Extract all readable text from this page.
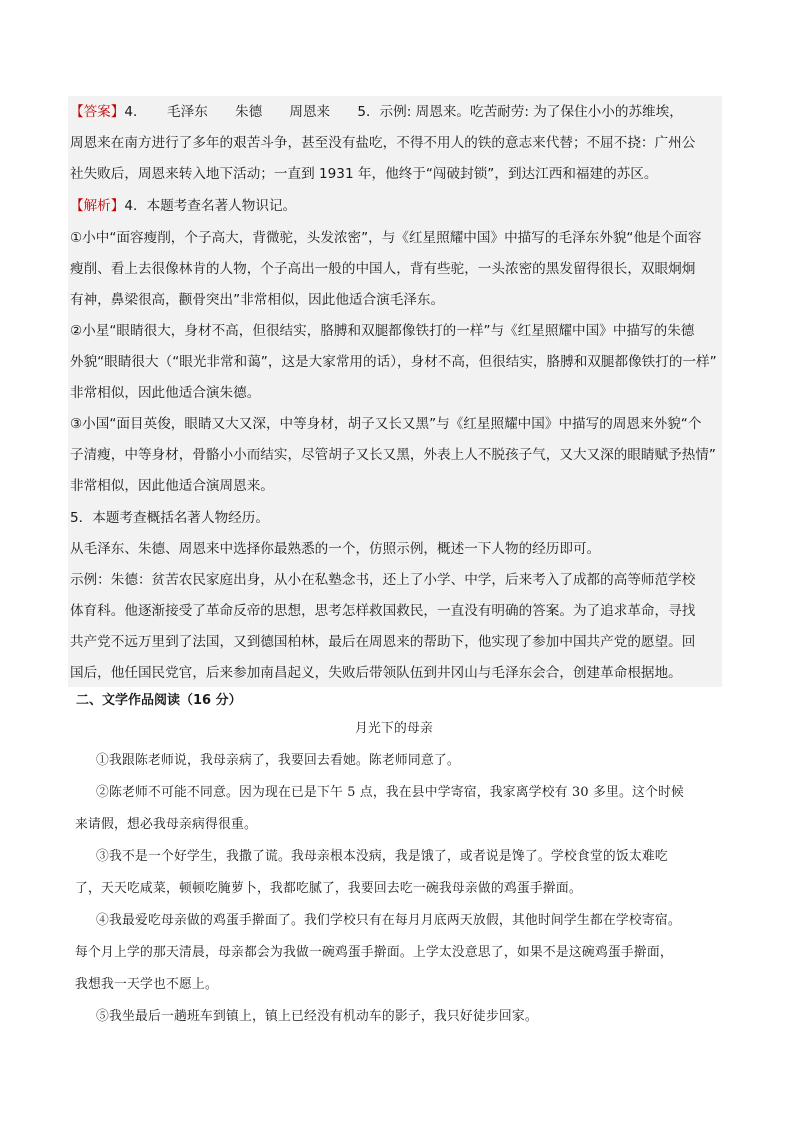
【答案】4．　　毛泽东　　朱德　　周恩来　　5．示例: 周恩来。吃苦耐劳: 为了保住小小的苏维埃，
周恩来在南方进行了多年的艰苦斗争，甚至没有盐吃，不得不用人的铁的意志来代替；不屈不挠：广州公
社失败后，周恩来转入地下活动；一直到 1931 年，他终于“闯破封锁”，到达江西和福建的苏区。
【解析】4．本题考查名著人物识记。
①小中“面容瘦削，个子高大，背微驼，头发浓密”，与《红星照耀中国》中描写的毛泽东外貌“他是个面容
瘦削、看上去很像林肯的人物，个子高出一般的中国人，背有些驼，一头浓密的黑发留得很长，双眼炯炯
有神，鼻梁很高，颧骨突出”非常相似，因此他适合演毛泽东。
②小星“眼睛很大，身材不高，但很结实，胳膊和双腿都像铁打的一样”与《红星照耀中国》中描写的朱德
外貌“眼睛很大（“眼光非常和蔼”，这是大家常用的话），身材不高，但很结实，胳膊和双腿都像铁打的一样”
非常相似，因此他适合演朱德。
③小国“面目英俊，眼睛又大又深，中等身材，胡子又长又黑”与《红星照耀中国》中描写的周恩来外貌“个
子清瘦，中等身材，骨骼小小而结实，尽管胡子又长又黑，外表上人不脱孩子气，又大又深的眼睛赋予热情”
非常相似，因此他适合演周恩来。
5．本题考查概括名著人物经历。
从毛泽东、朱德、周恩来中选择你最熟悉的一个，仿照示例，概述一下人物的经历即可。
示例：朱德：贫苦农民家庭出身，从小在私塾念书，还上了小学、中学，后来考入了成都的高等师范学校
体育科。他逐渐接受了革命反帝的思想，思考怎样救国救民，一直没有明确的答案。为了追求革命，寻找
共产党不远万里到了法国，又到德国柏林，最后在周恩来的帮助下，他实现了参加中国共产党的愿望。回
国后，他任国民党官，后来参加南昌起义，失败后带领队伍到井冈山与毛泽东会合，创建革命根据地。
二、文学作品阅读（16 分）
月光下的母亲
①我跟陈老师说，我母亲病了，我要回去看她。陈老师同意了。
②陈老师不可能不同意。因为现在已是下午 5 点，我在县中学寄宿，我家离学校有 30 多里。这个时候
来请假，想必我母亲病得很重。
③我不是一个好学生，我撒了谎。我母亲根本没病，我是饿了，或者说是馋了。学校食堂的饭太难吃
了，天天吃咸菜，顿顿吃腌萝卜，我都吃腻了，我要回去吃一碗我母亲做的鸡蛋手擀面。
④我最爱吃母亲做的鸡蛋手擀面了。我们学校只有在每月月底两天放假，其他时间学生都在学校寄宿。
每个月上学的那天清晨，母亲都会为我做一碗鸡蛋手擀面。上学太没意思了，如果不是这碗鸡蛋手擀面，
我想我一天学也不愿上。
⑤我坐最后一趟班车到镇上，镇上已经没有机动车的影子，我只好徒步回家。
